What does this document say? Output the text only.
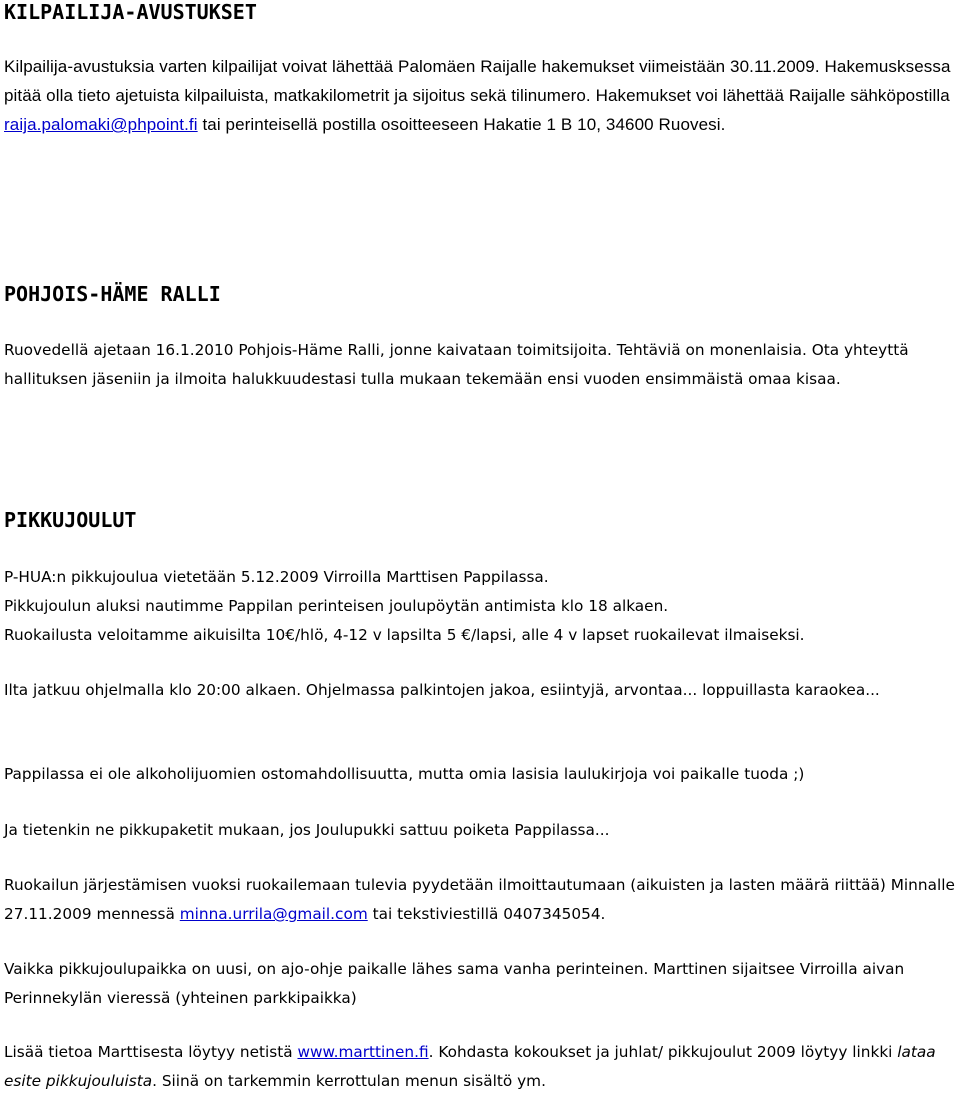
KILPAILIJA-AVUSTUKSET

Kilpailija-avustuksia varten kilpailijat voivat lähettää Palomäen Raijalle hakemukset viimeistään 30.11.2009. Hakemusksessa pitää olla tieto ajetuista kilpailuista, matkakilometrit ja sijoitus sekä tilinumero. Hakemukset voi lähettää Raijalle sähköpostilla raija.palomaki@phpoint.fi tai perinteisellä postilla osoitteeseen Hakatie 1 B 10, 34600 Ruovesi.

POHJOIS-HÄME RALLI

Ruovedellä ajetaan 16.1.2010 Pohjois-Häme Ralli, jonne kaivataan toimitsijoita. Tehtäviä on monenlaisia. Ota yhteyttä hallituksen jäseniin ja ilmoita halukkuudestasi tulla mukaan tekemään ensi vuoden ensimmäistä omaa kisaa.

PIKKUJOULUT
P-HUA:n pikkujoulua vietetään 5.12.2009 Virroilla Marttisen Pappilassa.
Pikkujoulun aluksi nautimme Pappilan perinteisen joulupöytän antimista klo 18 alkaen.
Ruokailusta veloitamme aikuisilta 10€/hlö, 4-12 v lapsilta 5 €/lapsi, alle 4 v lapset ruokailevat ilmaiseksi.

Ilta jatkuu ohjelmalla klo 20:00 alkaen. Ohjelmassa palkintojen jakoa, esiintyjä, arvontaa... loppuillasta karaokea...

Pappilassa ei ole alkoholijuomien ostomahdollisuutta, mutta omia lasisia laulukirjoja voi paikalle tuoda ;)

Ja tietenkin ne pikkupaketit mukaan, jos Joulupukki sattuu poiketa Pappilassa...

Ruokailun järjestämisen vuoksi ruokailemaan tulevia pyydetään ilmoittautumaan (aikuisten ja lasten määrä riittää) Minnalle 27.11.2009 mennessä minna.urrila@gmail.com tai tekstiviestillä 0407345054.

Vaikka pikkujoulupaikka on uusi, on ajo-ohje paikalle lähes sama vanha perinteinen. Marttinen sijaitsee Virroilla aivan Perinnekylän vieressä (yhteinen parkkipaikka)

Lisää tietoa Marttisesta löytyy netistä www.marttinen.fi. Kohdasta kokoukset ja juhlat/ pikkujoulut 2009 löytyy linkki lataa esite pikkujouluista. Siinä on tarkemmin kerrottulan menun sisältö ym.
